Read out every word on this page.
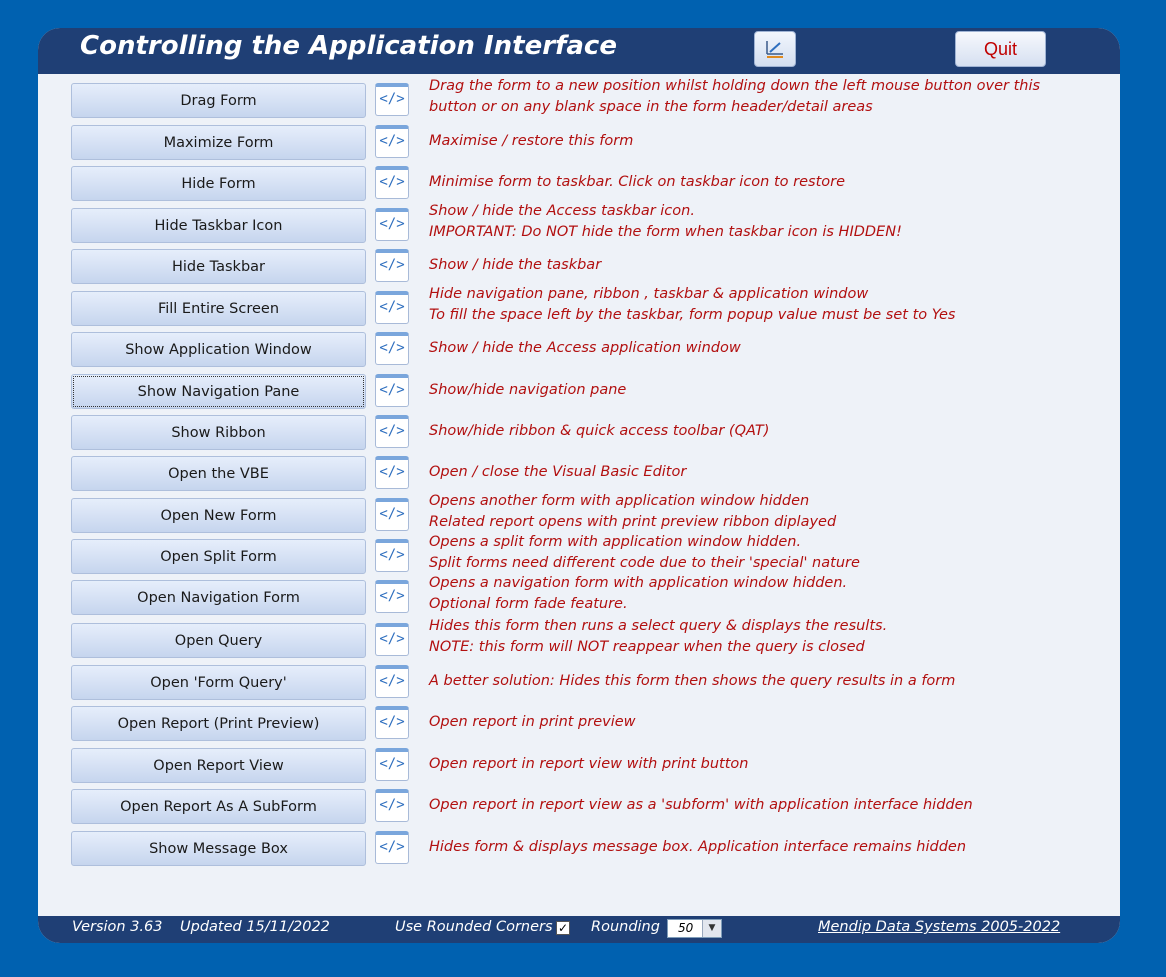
Controlling the Application Interface	Quit
Drag Form	</>
Drag the form to a new position whilst holding down the left mouse button over this
button or on any blank space in the form header/detail areas
Maximize Form	</> Maximise / restore this form
Hide Form	</> Minimise form to taskbar. Click on taskbar icon to restore
Hide Taskbar Icon	</>
Show / hide the Access taskbar icon.
IMPORTANT: Do NOT hide the form when taskbar icon is HIDDEN!
Hide Taskbar	</> Show / hide the taskbar
Fill Entire Screen	</>
Hide navigation pane, ribbon , taskbar & application window
To fill the space left by the taskbar, form popup value must be set to Yes
Show Application Window	</> Show / hide the Access application window
Show Navigation Pane	</> Show/hide navigation pane
Show Ribbon	</> Show/hide ribbon & quick access toolbar (QAT)
Open the VBE	</> Open / close the Visual Basic Editor
Open New Form	</>
Opens another form with application window hidden
Related report opens with print preview ribbon diplayed
Open Split Form	</>
Opens a split form with application window hidden.
Split forms need different code due to their 'special' nature
Open Navigation Form	</>
Opens a navigation form with application window hidden.
Optional form fade feature.
Open Query	</>
Hides this form then runs a select query & displays the results.
NOTE: this form will NOT reappear when the query is closed
Open 'Form Query'	</> A better solution: Hides this form then shows the query results in a form
Open Report (Print Preview)	</> Open report in print preview
Open Report View	</> Open report in report view with print button
Open Report As A SubForm	</> Open report in report view as a 'subform' with application interface hidden
Show Message Box	</> Hides form & displays message box. Application interface remains hidden
Version 3.63 Updated 15/11/2022	Use Rounded Corners ✓ Rounding 50	▼	Mendip Data Systems 2005-2022
